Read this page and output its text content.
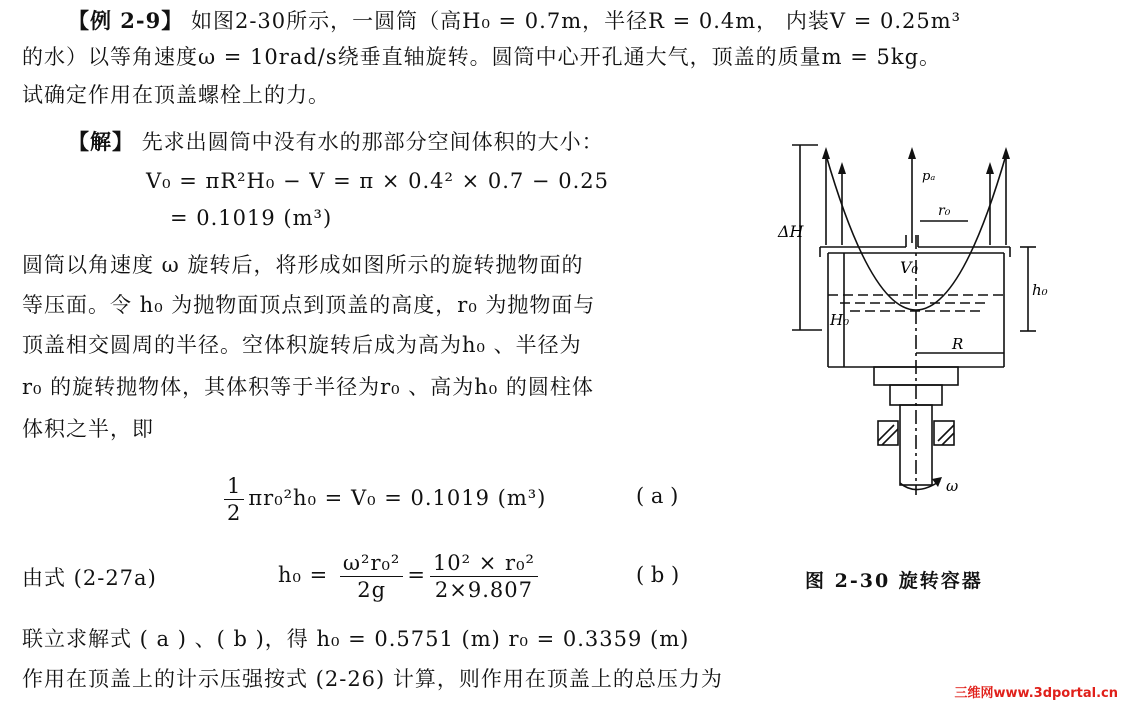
【例 2-9】 如图2-30所示，一圆筒（高H₀ = 0.7m，半径R = 0.4m， 内装V = 0.25m³
的水）以等角速度ω = 10rad/s绕垂直轴旋转。圆筒中心开孔通大气，顶盖的质量m = 5kg。
试确定作用在顶盖螺栓上的力。
【解】 先求出圆筒中没有水的那部分空间体积的大小：
V₀ = πR²H₀ − V = π × 0.4² × 0.7 − 0.25
= 0.1019 (m³)
圆筒以角速度 ω 旋转后，将形成如图所示的旋转抛物面的
等压面。令 h₀ 为抛物面顶点到顶盖的高度，r₀ 为抛物面与
顶盖相交圆周的半径。空体积旋转后成为高为h₀ 、半径为
r₀ 的旋转抛物体，其体积等于半径为r₀ 、高为h₀ 的圆柱体
体积之半，即
$\frac{1}{2} \pi r_0^2h_0 = V_0 = 0.1019$ (m³)	( a )
由式 (2-27a)	$h_0 = \frac{\text{ω²r₀²}}{2g} = \frac{\text{10² × r₀²}}{2\times 9.807}$	( b )
联立求解式 ( a ) 、( b )，得 h₀ = 0.5751 (m) r₀ = 0.3359 (m)
作用在顶盖上的计示压强按式 (2-26) 计算，则作用在顶盖上的总压力为
pₐ
r₀
ΔH
V₀
h₀
H₀
R
ω
图 2-30 旋转容器
三维网www.3dportal.cn
